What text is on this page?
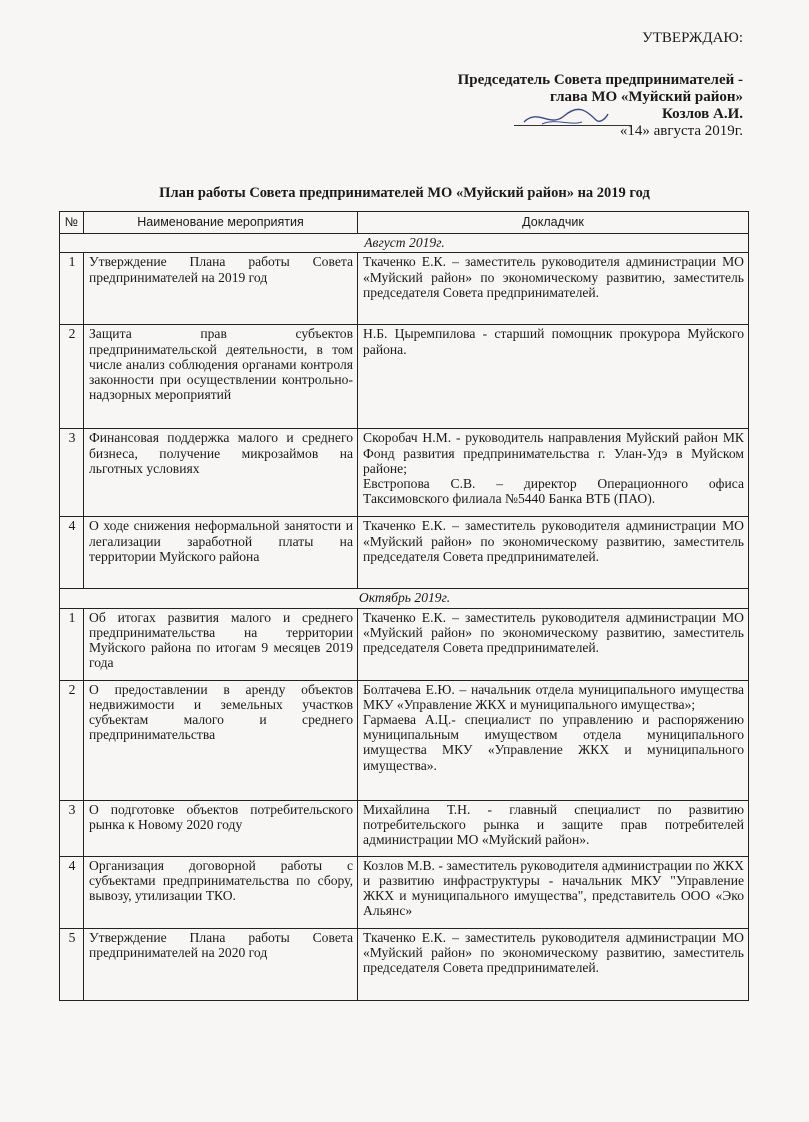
УТВЕРЖДАЮ:
Председатель Совета предпринимателей -
глава МО «Муйский район»
Козлов А.И.
«14» августа 2019г.
План работы Совета предпринимателей МО «Муйский район» на 2019 год
№	Наименование мероприятия	Докладчик
Август 2019г.		
1	Утверждение Плана работы Совета предпринимателей на 2019 год	Ткаченко Е.К. – заместитель руководителя администрации МО «Муйский район» по экономическому развитию, заместитель председателя Совета предпринимателей.

2	Защита прав субъектов предпринимательской деятельности, в том числе анализ соблюдения органами контроля законности при осуществлении контрольно-надзорных мероприятий	Н.Б. Цыремпилова - старший помощник прокурора Муйского района.

3	Финансовая поддержка малого и среднего бизнеса, получение микрозаймов на льготных условиях	Скоробач Н.М. - руководитель направления Муйский район МК Фонд развития предпринимательства г. Улан-Удэ в Муйском районе;
Евстропова С.В. – директор Операционного офиса Таксимовского филиала №5440 Банка ВТБ (ПАО).

4	О ходе снижения неформальной занятости и легализации заработной платы на территории Муйского района	Ткаченко Е.К. – заместитель руководителя администрации МО «Муйский район» по экономическому развитию, заместитель председателя Совета предпринимателей.

Октябрь 2019г.		
1	Об итогах развития малого и среднего предпринимательства на территории Муйского района по итогам 9 месяцев 2019 года	Ткаченко Е.К. – заместитель руководителя администрации МО «Муйский район» по экономическому развитию, заместитель председателя Совета предпринимателей.

2	О предоставлении в аренду объектов недвижимости и земельных участков субъектам малого и среднего предпринимательства	Болтачева Е.Ю. – начальник отдела муниципального имущества МКУ «Управление ЖКХ и муниципального имущества»;
Гармаева А.Ц.- специалист по управлению и распоряжению муниципальным имуществом отдела муниципального имущества МКУ «Управление ЖКХ и муниципального имущества».

3	О подготовке объектов потребительского рынка к Новому 2020 году	Михайлина Т.Н. - главный специалист по развитию потребительского рынка и защите прав потребителей администрации МО «Муйский район».

4	Организация договорной работы с субъектами предпринимательства по сбору, вывозу, утилизации ТКО.	Козлов М.В. - заместитель руководителя администрации по ЖКХ и развитию инфраструктуры - начальник МКУ "Управление ЖКХ и муниципального имущества", представитель ООО «Эко Альянс»

5	Утверждение Плана работы Совета предпринимателей на 2020 год	Ткаченко Е.К. – заместитель руководителя администрации МО «Муйский район» по экономическому развитию, заместитель председателя Совета предпринимателей.
